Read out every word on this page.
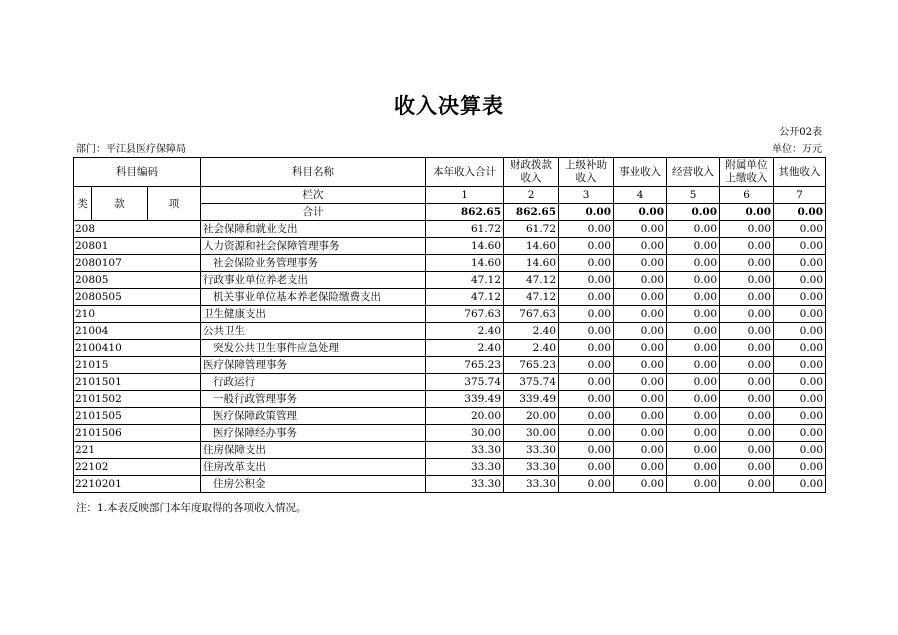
收入决算表
公开02表
部门：平江县医疗保障局	单位：万元
科目编码			科目名称	本年收入合计	财政拨款收入	上级补助收入	事业收入	经营收入	附属单位上缴收入	其他收入
类	款	项	栏次	1	2	3	4	5	6	7
			合计	862.65	862.65	0.00	0.00	0.00	0.00	0.00
208			社会保障和就业支出	61.72	61.72	0.00	0.00	0.00	0.00	0.00
20801			人力资源和社会保障管理事务	14.60	14.60	0.00	0.00	0.00	0.00	0.00
2080107			社会保险业务管理事务	14.60	14.60	0.00	0.00	0.00	0.00	0.00
20805			行政事业单位养老支出	47.12	47.12	0.00	0.00	0.00	0.00	0.00
2080505			机关事业单位基本养老保险缴费支出	47.12	47.12	0.00	0.00	0.00	0.00	0.00
210			卫生健康支出	767.63	767.63	0.00	0.00	0.00	0.00	0.00
21004			公共卫生	2.40	2.40	0.00	0.00	0.00	0.00	0.00
2100410			突发公共卫生事件应急处理	2.40	2.40	0.00	0.00	0.00	0.00	0.00
21015			医疗保障管理事务	765.23	765.23	0.00	0.00	0.00	0.00	0.00
2101501			行政运行	375.74	375.74	0.00	0.00	0.00	0.00	0.00
2101502			一般行政管理事务	339.49	339.49	0.00	0.00	0.00	0.00	0.00
2101505			医疗保障政策管理	20.00	20.00	0.00	0.00	0.00	0.00	0.00
2101506			医疗保障经办事务	30.00	30.00	0.00	0.00	0.00	0.00	0.00
221			住房保障支出	33.30	33.30	0.00	0.00	0.00	0.00	0.00
22102			住房改革支出	33.30	33.30	0.00	0.00	0.00	0.00	0.00
2210201			住房公积金	33.30	33.30	0.00	0.00	0.00	0.00	0.00
注：1.本表反映部门本年度取得的各项收入情况。
